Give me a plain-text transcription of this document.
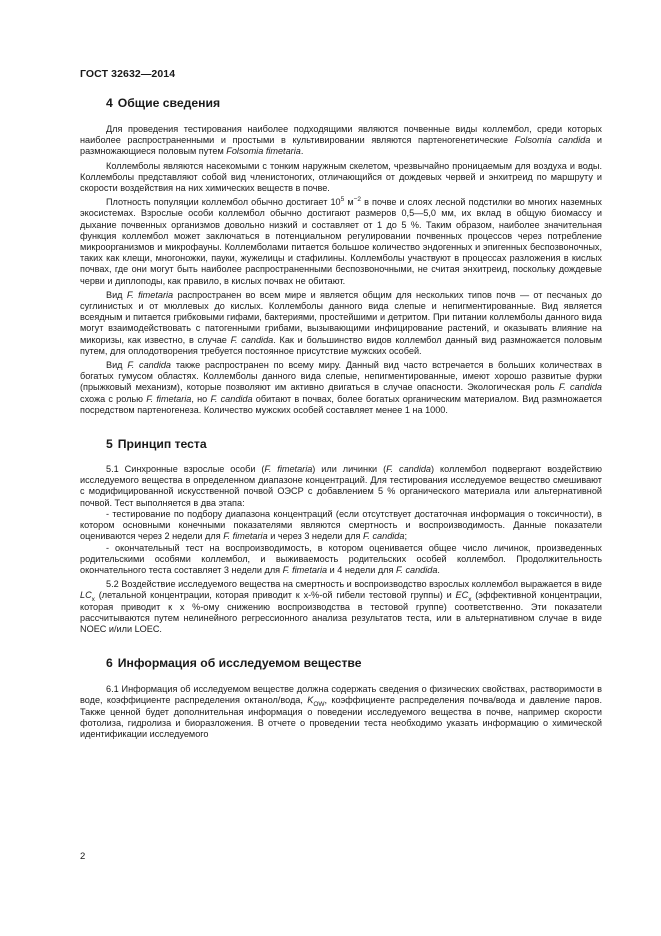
ГОСТ 32632—2014
4 Общие сведения

Для проведения тестирования наиболее подходящими являются почвенные виды коллембол, среди которых наиболее распространенными и простыми в культивировании являются партеногенетические Folsomia candida и размножающиеся половым путем Folsomia fimetaria.

Коллемболы являются насекомыми с тонким наружным скелетом, чрезвычайно проницаемым для воздуха и воды. Коллемболы представляют собой вид членистоногих, отличающийся от дождевых червей и энхитреид по маршруту и скорости воздействия на них химических веществ в почве.

Плотность популяции коллембол обычно достигает $10^5$ $м^{-2}$ в почве и слоях лесной подстилки во многих наземных экосистемах. Взрослые особи коллембол обычно достигают размеров 0,5—5,0 мм, их вклад в общую биомассу и дыхание почвенных организмов довольно низкий и составляет от 1 до 5 %. Таким образом, наиболее значительная функция коллембол может заключаться в потенциальном регулировании почвенных процессов через потребление микроорганизмов и микрофауны. Коллемболами питается большое количество эндогенных и эпигенных беспозвоночных, таких как клещи, многоножки, пауки, жужелицы и стафилины. Коллемболы участвуют в процессах разложения в кислых почвах, где они могут быть наиболее распространенными беспозвоночными, не считая энхитреид, поскольку дождевые черви и диплоподы, как правило, в кислых почвах не обитают.

Вид F. fimetaria распространен во всем мире и является общим для нескольких типов почв — от песчаных до суглинистых и от мюллевых до кислых. Коллемболы данного вида слепые и непигментированные. Вид является всеядным и питается грибковыми гифами, бактериями, простейшими и детритом. При питании коллемболы данного вида могут взаимодействовать с патогенными грибами, вызывающими инфицирование растений, и оказывать влияние на микоризы, как известно, в случае F. candida. Как и большинство видов коллембол данный вид размножается половым путем, для оплодотворения требуется постоянное присутствие мужских особей.

Вид F. candida также распространен по всему миру. Данный вид часто встречается в больших количествах в богатых гумусом областях. Коллемболы данного вида слепые, непигментированные, имеют хорошо развитые фурки (прыжковый механизм), которые позволяют им активно двигаться в случае опасности. Экологическая роль F. candida схожа с ролью F. fimetaria, но F. candida обитают в почвах, более богатых органическим материалом. Вид размножается посредством партеногенеза. Количество мужских особей составляет менее 1 на 1000.

5 Принцип теста

5.1 Синхронные взрослые особи (F. fimetaria) или личинки (F. candida) коллембол подвергают воздействию исследуемого вещества в определенном диапазоне концентраций. Для тестирования исследуемое вещество смешивают с модифицированной искусственной почвой ОЭСР с добавлением 5 % органического материала или альтернативной почвой. Тест выполняется в два этапа:

- тестирование по подбору диапазона концентраций (если отсутствует достаточная информация о токсичности), в котором основными конечными показателями являются смертность и воспроизводимость. Данные показатели оцениваются через 2 недели для F. fimetaria и через 3 недели для F. candida;

- окончательный тест на воспроизводимость, в котором оценивается общее число личинок, произведенных родительскими особями коллембол, и выживаемость родительских особей коллембол. Продолжительность окончательного теста составляет 3 недели для F. fimetaria и 4 недели для F. candida.

5.2 Воздействие исследуемого вещества на смертность и воспроизводство взрослых коллембол выражается в виде $LC_x$ (летальной концентрации, которая приводит к х-%-ой гибели тестовой группы) и $EC_x$ (эффективной концентрации, которая приводит к х %-ому снижению воспроизводства в тестовой группе) соответственно. Эти показатели рассчитываются путем нелинейного регрессионного анализа результатов теста, или в альтернативном случае в виде NOEC и/или LOEC.

6 Информация об исследуемом веществе

6.1 Информация об исследуемом веществе должна содержать сведения о физических свойствах, растворимости в воде, коэффициенте распределения октанол/вода, $K_{OW}$, коэффициенте распределения почва/вода и давление паров. Также ценной будет дополнительная информация о поведении исследуемого вещества в почве, например скорости фотолиза, гидролиза и биоразложения. В отчете о проведении теста необходимо указать информацию о химической идентификации исследуемого

2
